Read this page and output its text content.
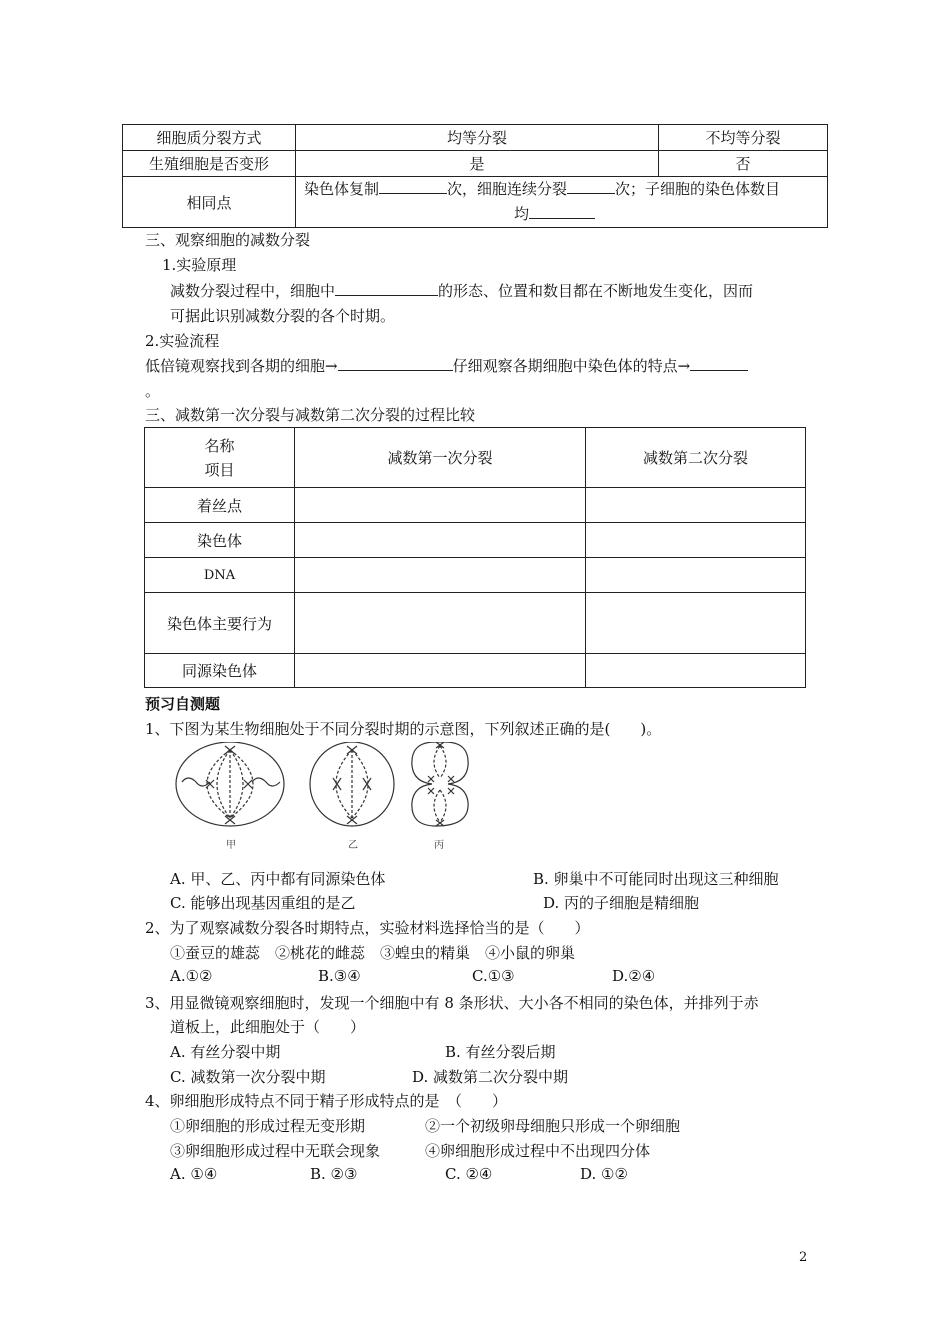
细胞质分裂方式	均等分裂	不均等分裂
生殖细胞是否变形	是	否
相同点	染色体复制 次，细胞连续分裂 次；子细胞的染色体数目
均	
三、观察细胞的减数分裂
1.实验原理
减数分裂过程中，细胞中	的形态、位置和数目都在不断地发生变化，因而
可据此识别减数分裂的各个时期。
2.实验流程
低倍镜观察找到各期的细胞→	仔细观察各期细胞中染色体的特点→
。
三、减数第一次分裂与减数第二次分裂的过程比较
名称
项目	减数第一次分裂	减数第二次分裂
着丝点		
染色体		
DNA		
染色体主要行为		
同源染色体		
预习自测题
1、下图为某生物细胞处于不同分裂时期的示意图，下列叙述正确的是(　　)。
甲	乙	丙
A. 甲、乙、丙中都有同源染色体	B. 卵巢中不可能同时出现这三种细胞
C. 能够出现基因重组的是乙	D. 丙的子细胞是精细胞
2、为了观察减数分裂各时期特点，实验材料选择恰当的是（　　）
①蚕豆的雄蕊　②桃花的雌蕊　③蝗虫的精巢　④小鼠的卵巢
A.①②	B.③④	C.①③	D.②④
3、用显微镜观察细胞时，发现一个细胞中有 8 条形状、大小各不相同的染色体，并排列于赤
道板上，此细胞处于（　　）
A. 有丝分裂中期	B. 有丝分裂后期
C. 减数第一次分裂中期	D. 减数第二次分裂中期
4、卵细胞形成特点不同于精子形成特点的是　（　　）
①卵细胞的形成过程无变形期	②一个初级卵母细胞只形成一个卵细胞
③卵细胞形成过程中无联会现象	④卵细胞形成过程中不出现四分体
A. ①④	B. ②③	C. ②④	D. ①②
2
